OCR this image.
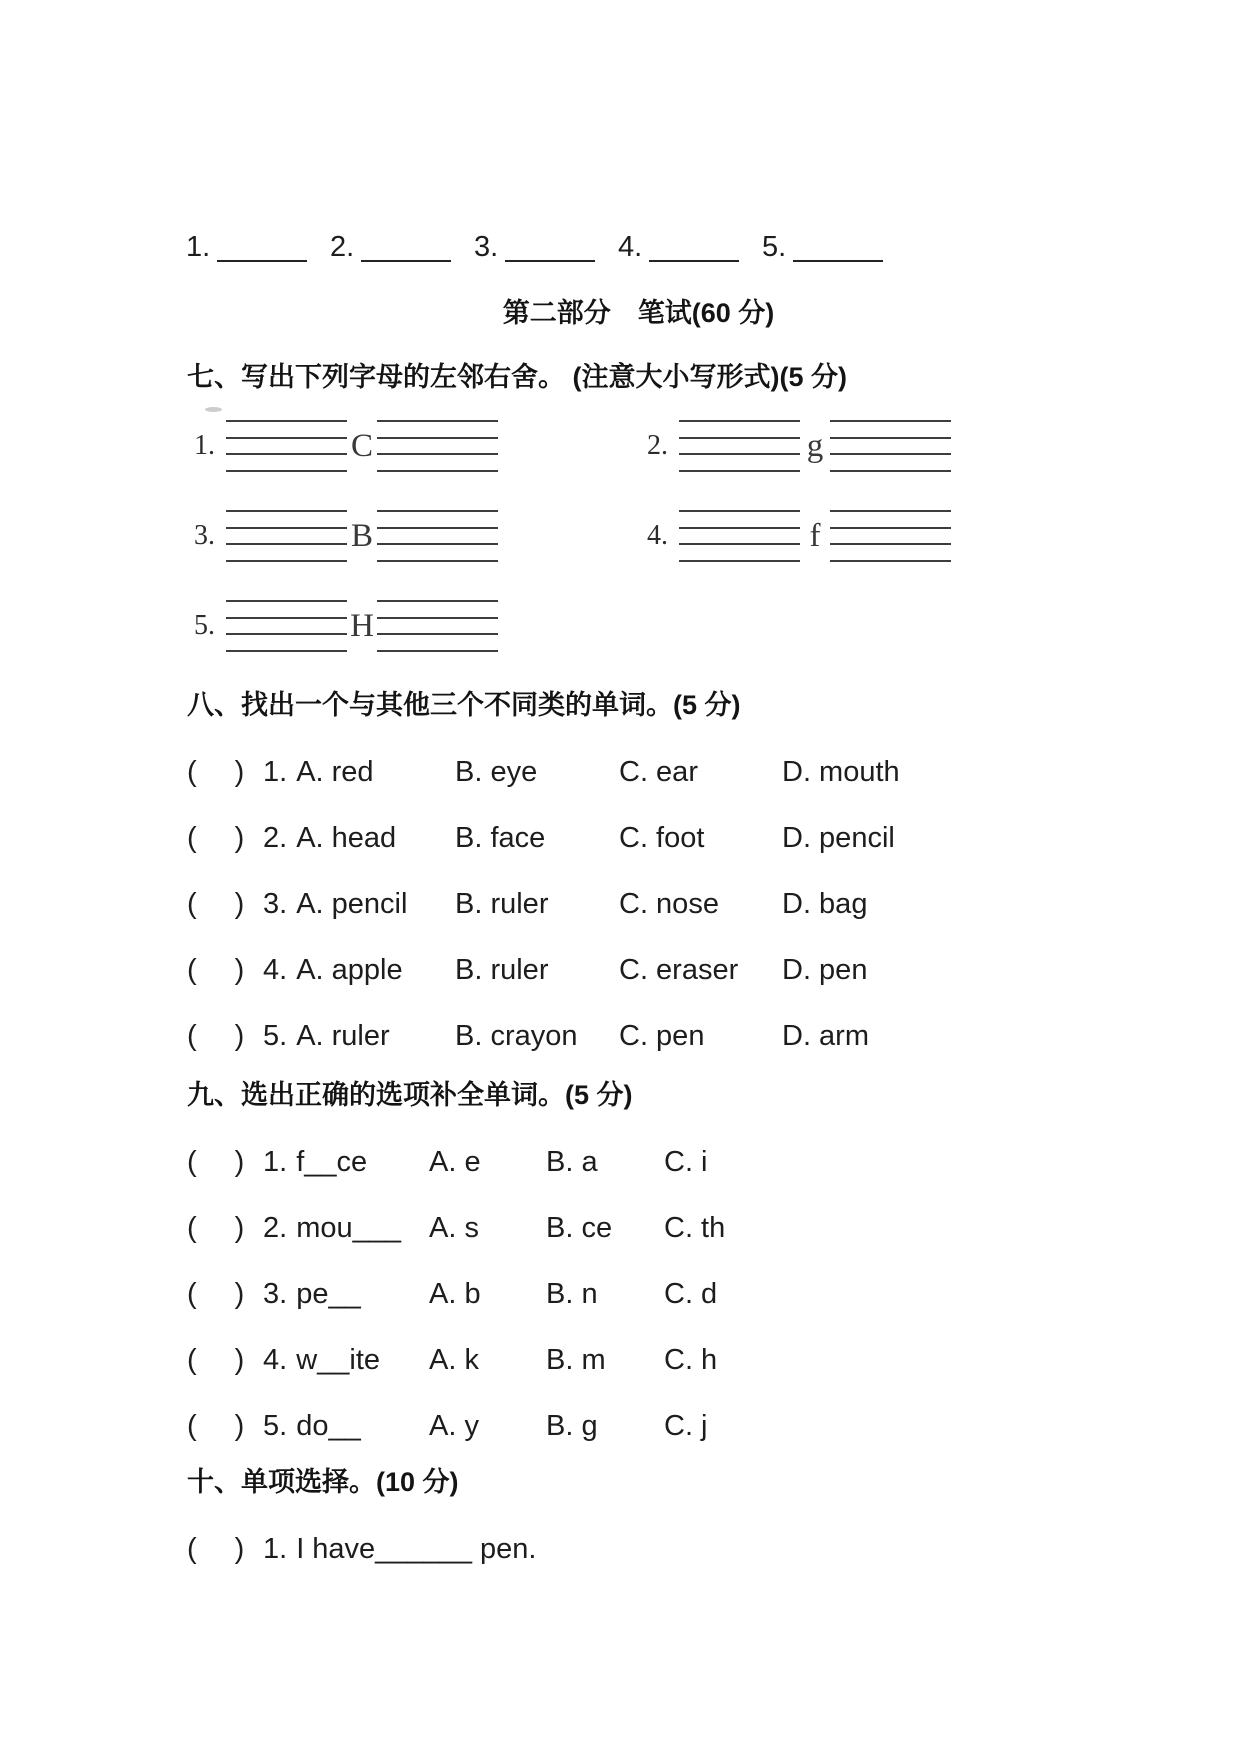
1.	2.	3.	4.	5.
第二部分　笔试(60 分)
七、写出下列字母的左邻右舍。 (注意大小写形式)(5 分)
1.	C	2.	g
3.	B	4.	f
5.	H
八、找出一个与其他三个不同类的单词。(5 分)
( ) 1. A. red	B. eye	C. ear	D. mouth
( ) 2. A. head B. face	C. foot	D. pencil
( ) 3. A. pencil B. ruler	C. nose	D. bag
( ) 4. A. apple B. ruler	C. eraser	D. pen
( ) 5. A. ruler B. crayon	C. pen	D. arm
九、选出正确的选项补全单词。(5 分)
( ) 1. f__ce A. e	B. a	C. i
( ) 2. mou___ A. s	B. ce	C. th
( ) 3. pe__ A. b	B. n	C. d
( ) 4. w__ite A. k	B. m	C. h
( ) 5. do__ A. y	B. g	C. j
十、单项选择。(10 分)
( ) 1. I have______ pen.
